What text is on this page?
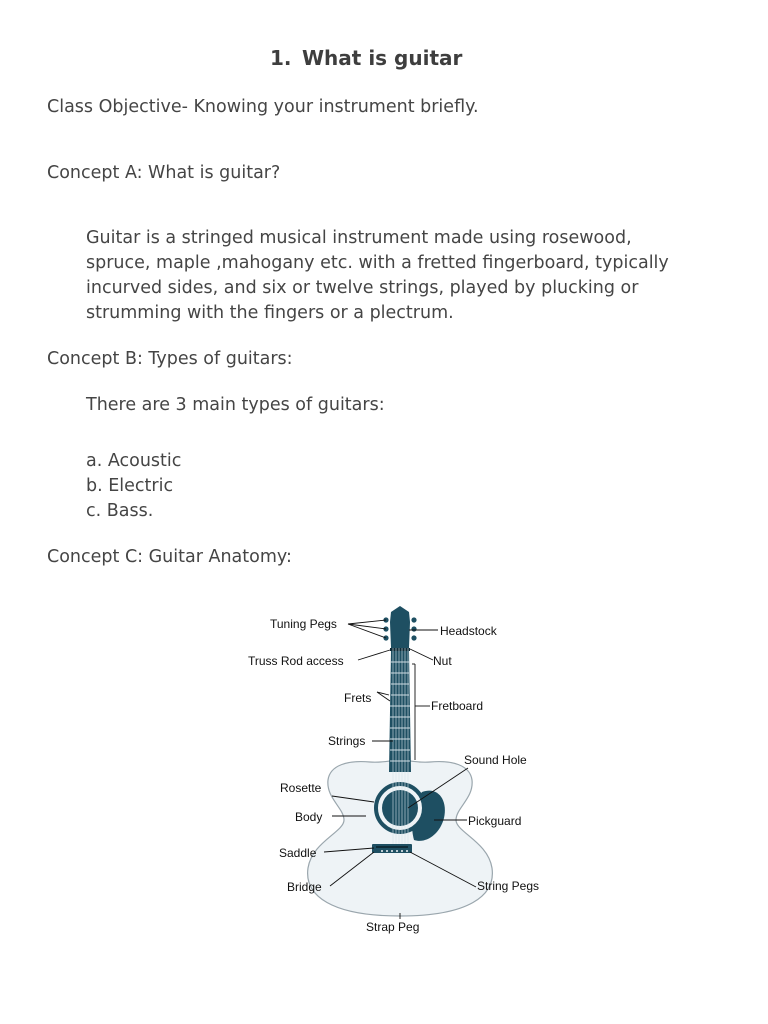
1. What is guitar

Class Objective- Knowing your instrument briefly.

Concept A: What is guitar?

Guitar is a stringed musical instrument made using rosewood,
spruce, maple ,mahogany etc. with a fretted fingerboard, typically
incurved sides, and six or twelve strings, played by plucking or
strumming with the fingers or a plectrum.

Concept B: Types of guitars:

There are 3 main types of guitars:

a. Acoustic
b. Electric
c. Bass.

Concept C: Guitar Anatomy:

Tuning Pegs	Headstock
Truss Rod access	Nut
Frets
Fretboard
Strings
Sound Hole
Rosette
Body	Pickguard
Saddle
Bridge	String Pegs
Strap Peg
